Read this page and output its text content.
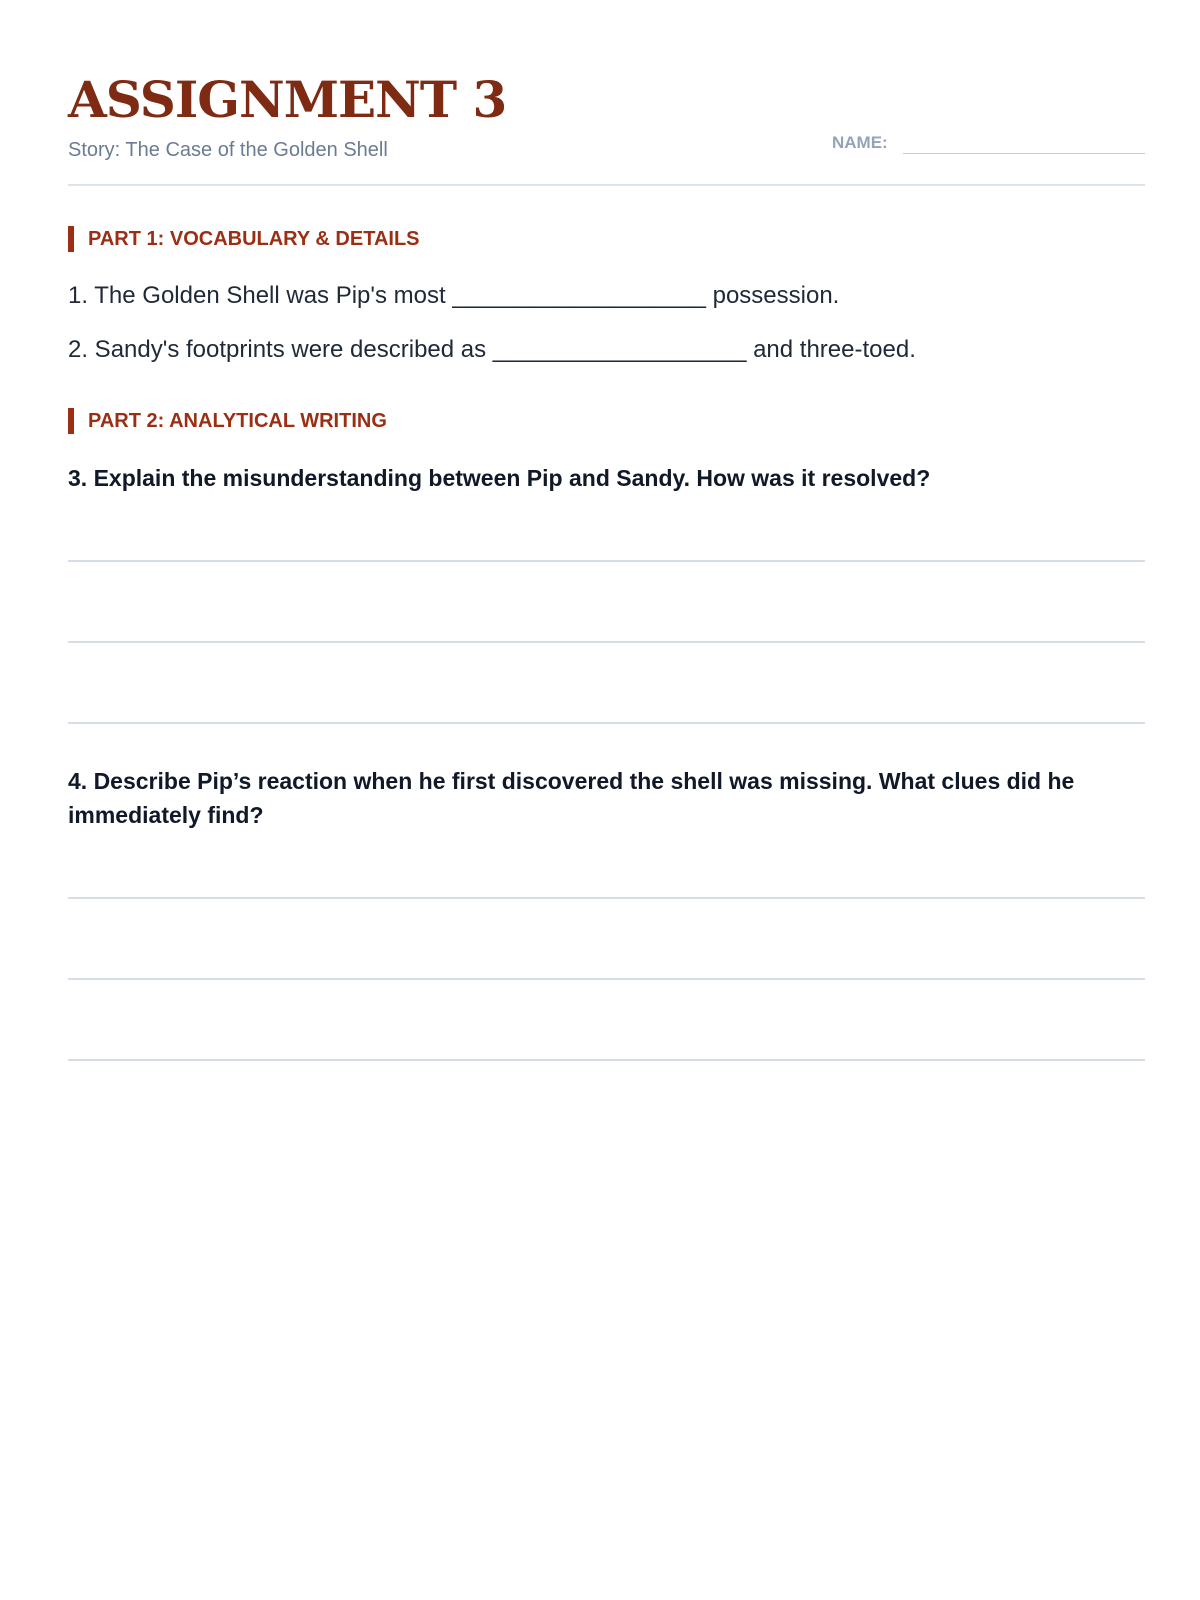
ASSIGNMENT 3
Story: The Case of the Golden Shell	NAME:
PART 1: VOCABULARY & DETAILS
1. The Golden Shell was Pip's most ___________________ possession.
2. Sandy's footprints were described as ___________________ and three-toed.
PART 2: ANALYTICAL WRITING
3. Explain the misunderstanding between Pip and Sandy. How was it resolved?
4. Describe Pip’s reaction when he first discovered the shell was missing. What clues did he immediately find?
